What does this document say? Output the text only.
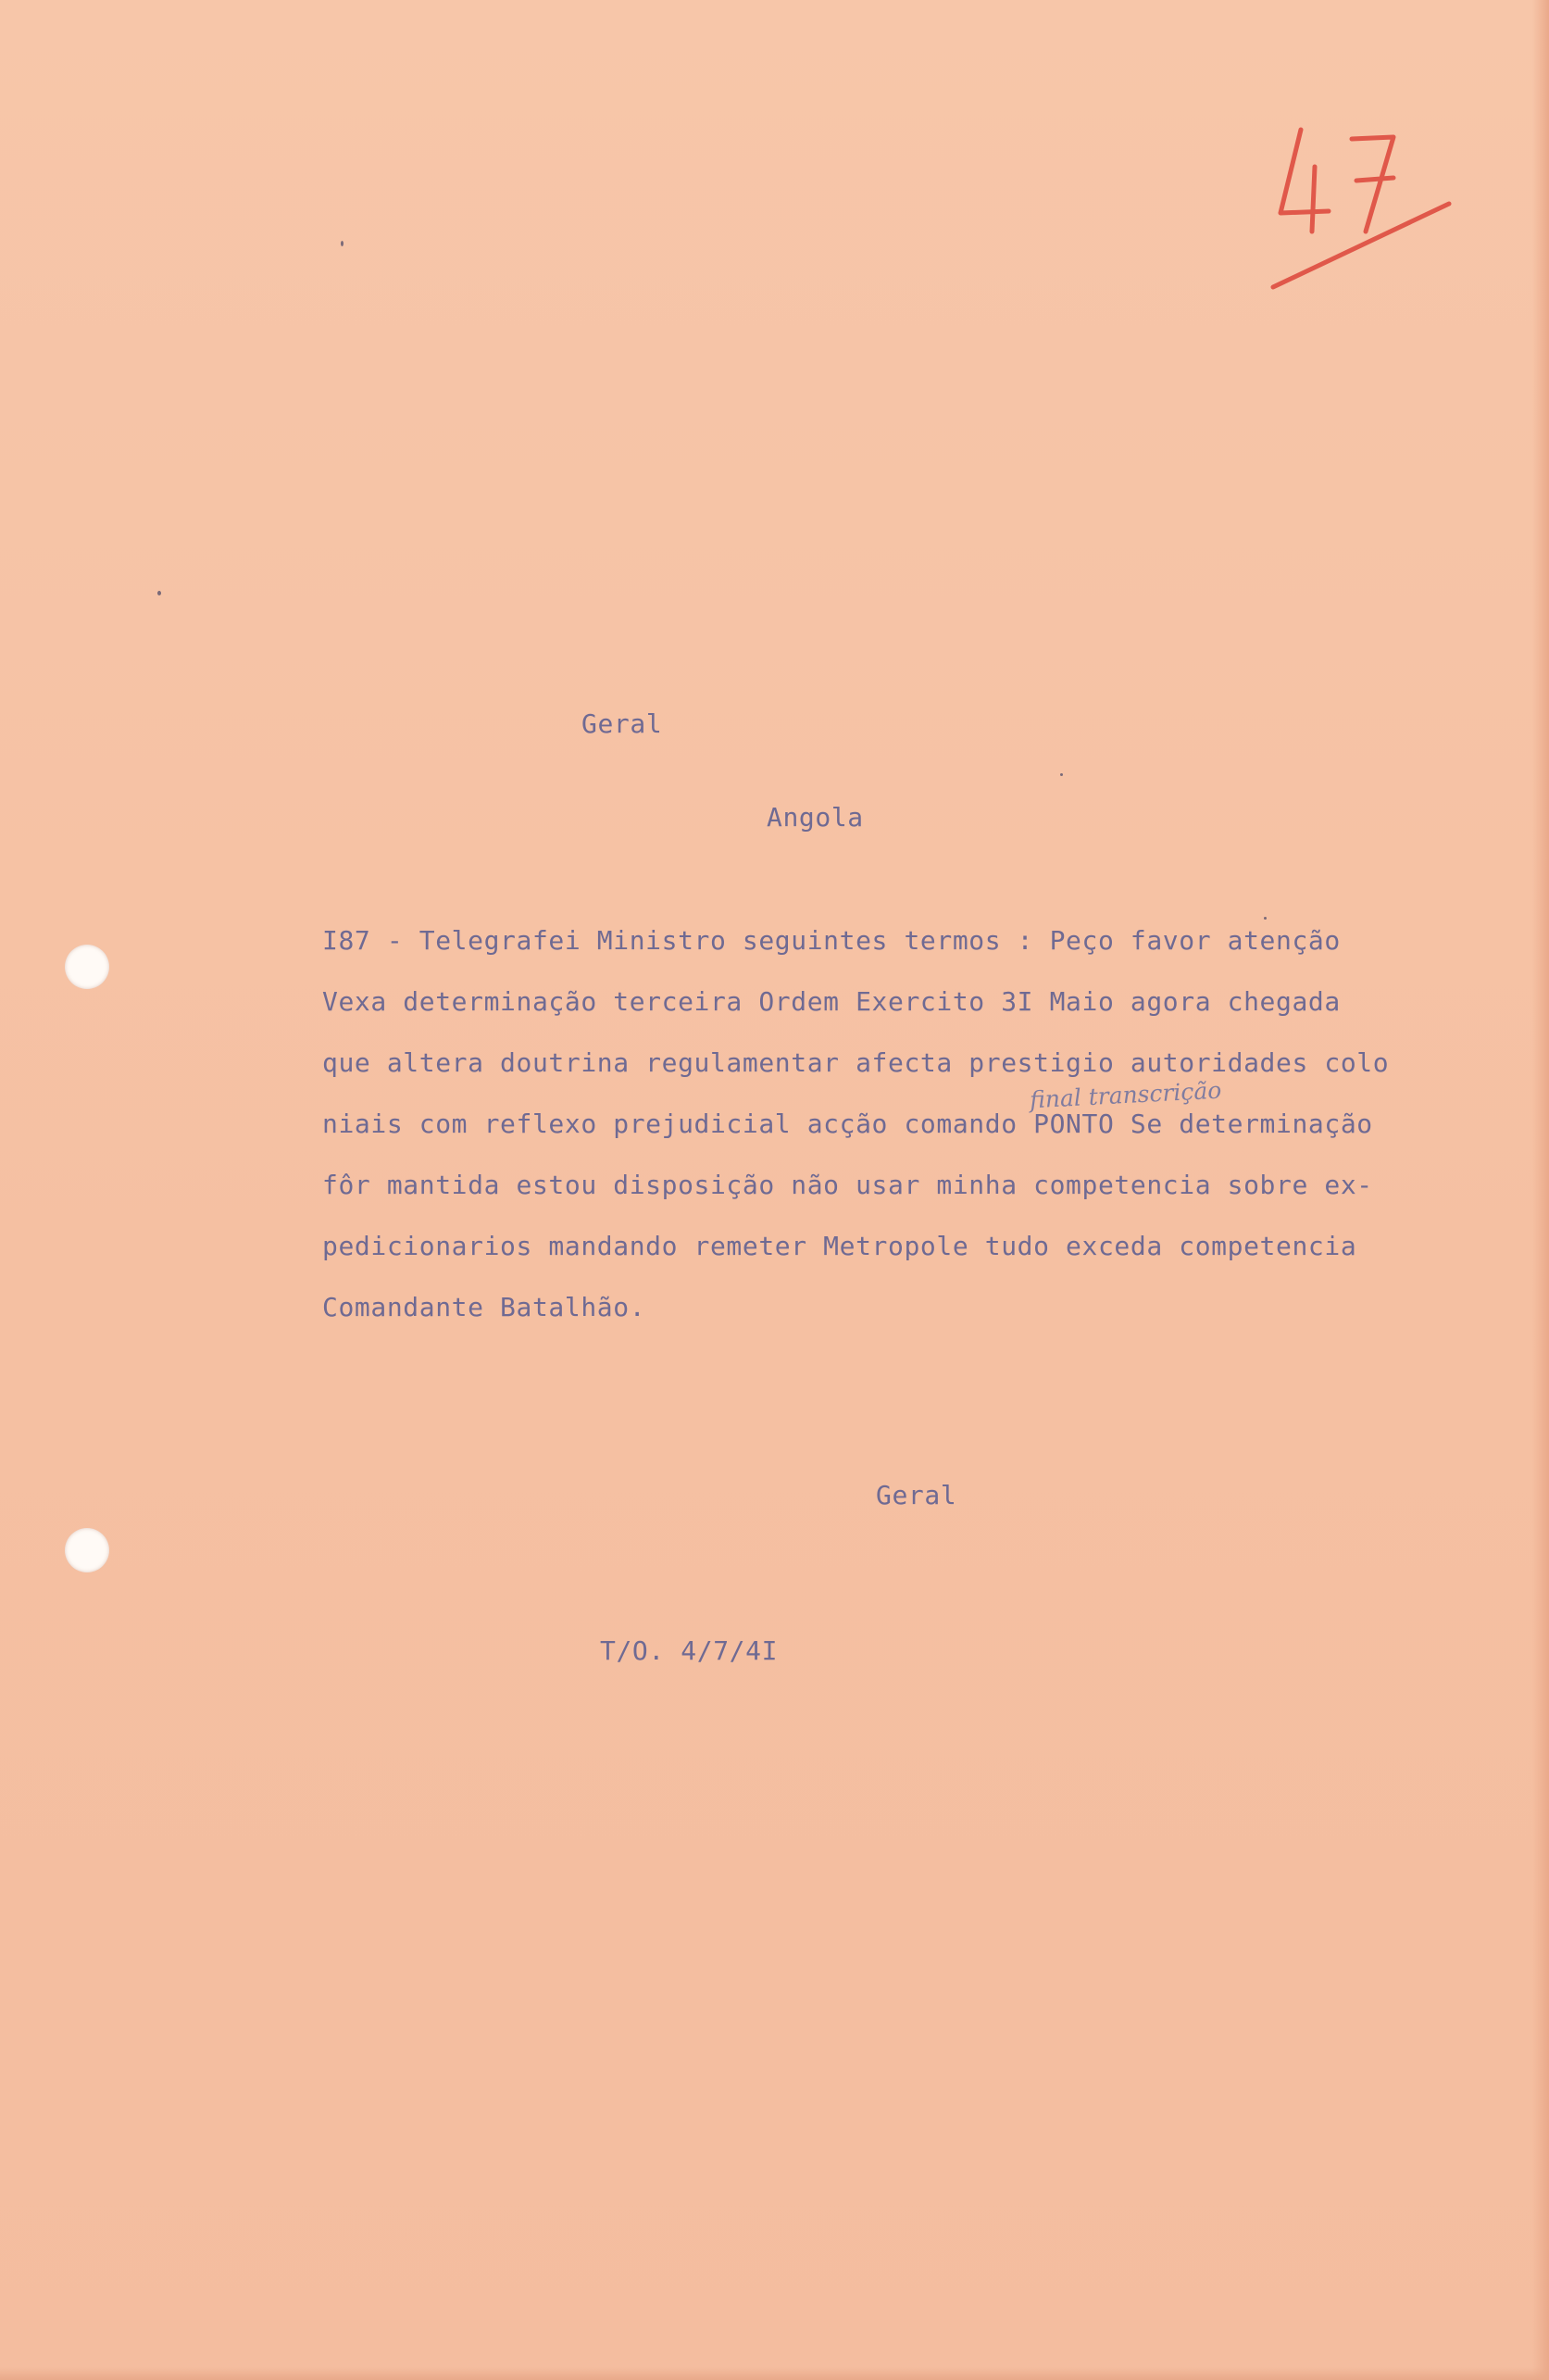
Geral
Angola
I87 - Telegrafei Ministro seguintes termos : Peço favor atenção
Vexa determinação terceira Ordem Exercito 3I Maio agora chegada
que altera doutrina regulamentar afecta prestigio autoridades colo
niais com reflexo prejudicial acção comando PONTO Se determinação
fôr mantida estou disposição não usar minha competencia sobre ex-
pedicionarios mandando remeter Metropole tudo exceda competencia
Comandante Batalhão.
final transcrição
Geral
T/O. 4/7/4I
